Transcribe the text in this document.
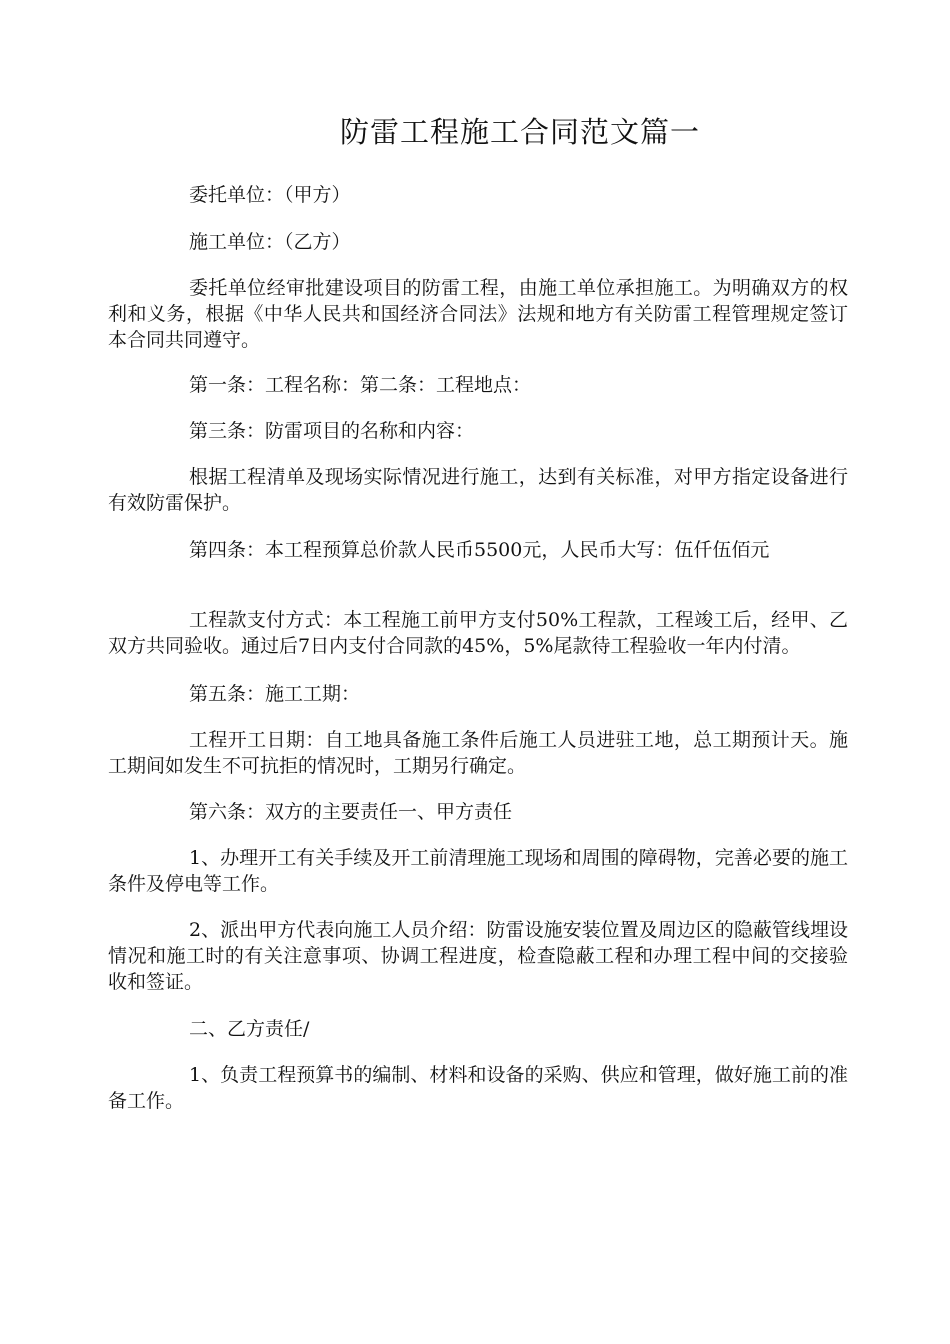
防雷工程施工合同范文篇一
委托单位：（甲方）
施工单位：（乙方）
委托单位经审批建设项目的防雷工程，由施工单位承担施工。为明确双方的权利和义务，根据《中华人民共和国经济合同法》法规和地方有关防雷工程管理规定签订本合同共同遵守。
第一条：工程名称：第二条：工程地点：
第三条：防雷项目的名称和内容：
根据工程清单及现场实际情况进行施工，达到有关标准，对甲方指定设备进行有效防雷保护。
第四条：本工程预算总价款人民币5500元，人民币大写：伍仟伍佰元
工程款支付方式：本工程施工前甲方支付50%工程款，工程竣工后，经甲、乙双方共同验收。通过后7日内支付合同款的45%，5%尾款待工程验收一年内付清。
第五条：施工工期：
工程开工日期：自工地具备施工条件后施工人员进驻工地，总工期预计天。施工期间如发生不可抗拒的情况时，工期另行确定。
第六条：双方的主要责任一、甲方责任
1、办理开工有关手续及开工前清理施工现场和周围的障碍物，完善必要的施工条件及停电等工作。
2、派出甲方代表向施工人员介绍：防雷设施安装位置及周边区的隐蔽管线埋设情况和施工时的有关注意事项、协调工程进度，检查隐蔽工程和办理工程中间的交接验收和签证。
二、乙方责任/
1、负责工程预算书的编制、材料和设备的采购、供应和管理，做好施工前的准备工作。
